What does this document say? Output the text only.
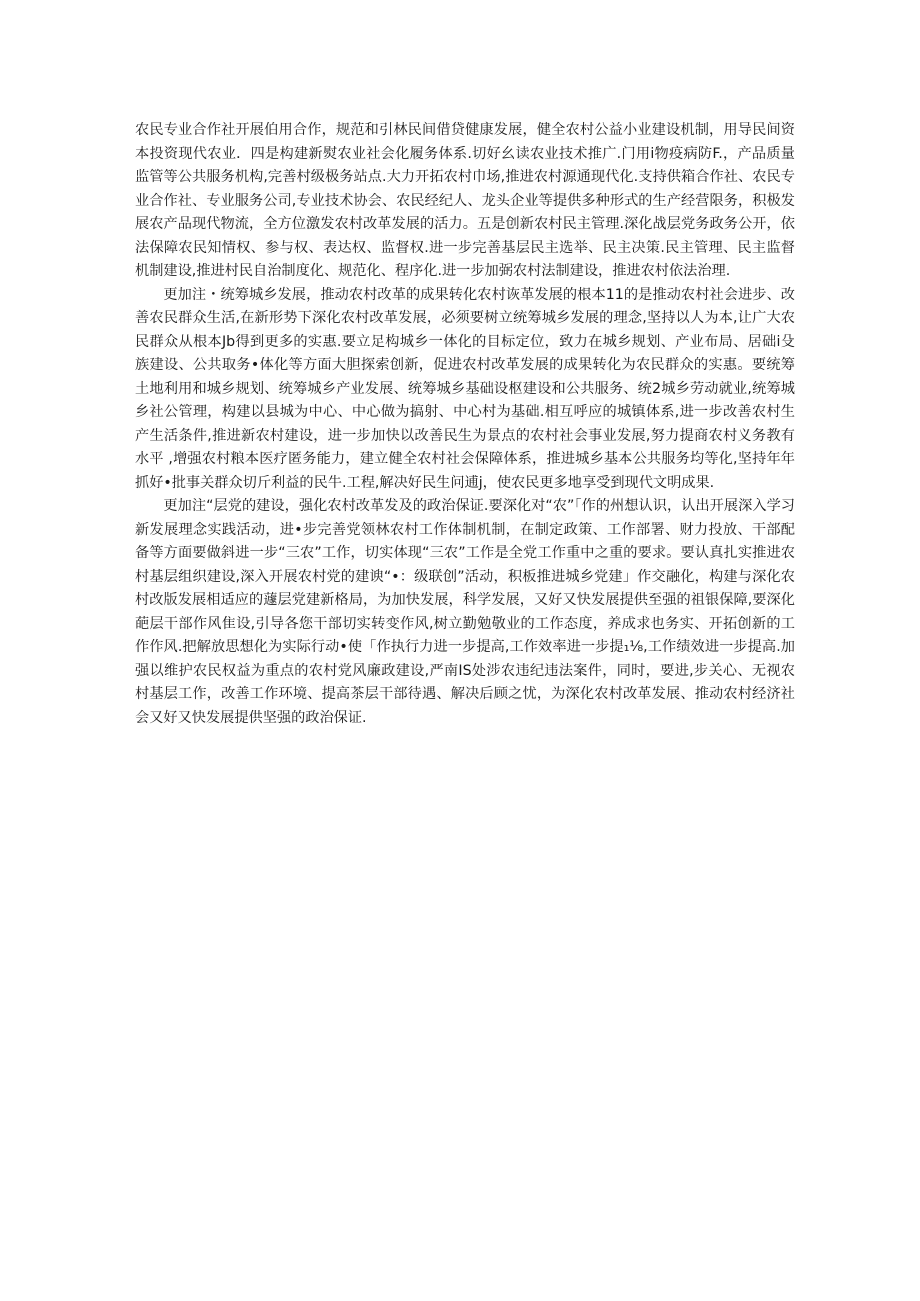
农民专业合作社开展伯用合作，规范和引林民间借贷健康发展，健全农村公益小业建设机制，用导民间资本投资现代农业．四是构建新熨农业社会化履务体系.切好幺读农业技术推广.门用i物疫病防F.，产品质量监管等公共服务机构,完善村级极务站点.大力开拓农村巾场,推进农村源通现代化.支持供箱合作社、农民专业合作社、专业服务公司,专业技术协会、农民经纪人、龙头企业等提供多种形式的生产经营限务，积极发展农产品现代物流，全方位激发农村改革发展的活力。五是创新农村民主管理.深化战层党务政务公开，依法保障农民知情权、参与权、表达权、监督权.进一步完善基层民主选举、民主决策.民主管理、民主监督机制建设,推进村民自治制度化、规范化、程序化.进一步加弼农村法制建设，推进农村依法治理.

更加注・统筹城乡发展，推动农村改革的成果转化农村诙革发展的根本11的是推动农村社会进步、改善农民群众生活,在新形势下深化农村改革发展，必须要树立统筹城乡发展的理念,坚持以人为本,让广大农民群众从根本Jb得到更多的实惠.要立足构城乡一体化的目标定位，致力在城乡规划、产业布局、居础i殳族建设、公共取务•体化等方面大胆探索创新，促进农村改革发展的成果转化为农民群众的实惠。要统筹土地利用和城乡规划、统筹城乡产业发展、统筹城乡基础设枢建设和公共服务、统2城乡劳动就业,统筹城乡社公管理，构建以县城为中心、中心做为搞射、中心村为基础.相互呼应的城镇体系,进一步改善农村生产生活条件,推进新农村建设，进一步加快以改善民生为景点的农村社会事业发展,努力提商农村义务教有水平 ,增强农村粮本医疗匿务能力，建立健全农村社会保障体系，推进城乡基本公共服务均等化,坚持年年抓好•批事关群众切斤利益的民牛.工程,解决好民生问逋j，使农民更多地享受到现代文明成果.

更加注“层党的建设，强化农村改革发及的政治保证.要深化对“农”「作的州想认识，认出开展深入学习新发展理念实践活动，进•步完善党领林农村工作体制机制，在制定政策、工作部署、财力投放、干部配备等方面要做斜进一步“三农”工作，切实体现“三农”工作是全党工作重中之重的要求。要认真扎实推进农村基层组织建设,深入开展农村党的建谀“•：级联创”活动，积板推进城乡党建」作交融化，构建与深化农村改版发展相适应的蘧层党建新格局，为加快发展，科学发展，又好又快发展提供至强的祖银保障,要深化葩层干部作风隹设,引导各您干部切实转变作风,树立勤勉敬业的工作态度，养成求也务实、开拓创新的工作作风.把解放思想化为实际行动•使「作执行力进一步提高,工作效率进一步提₁⅛,工作绩效进一步提高.加强以维护农民权益为重点的农村党风廉政建设,严南IS处涉农违纪违法案件，同时，要进,步关心、无视农村基层工作，改善工作环境、提高茶层干部待遇、解决后顾之忧，为深化农村改革发展、推动农村经济社会又好又快发展提供坚强的政治保证.
